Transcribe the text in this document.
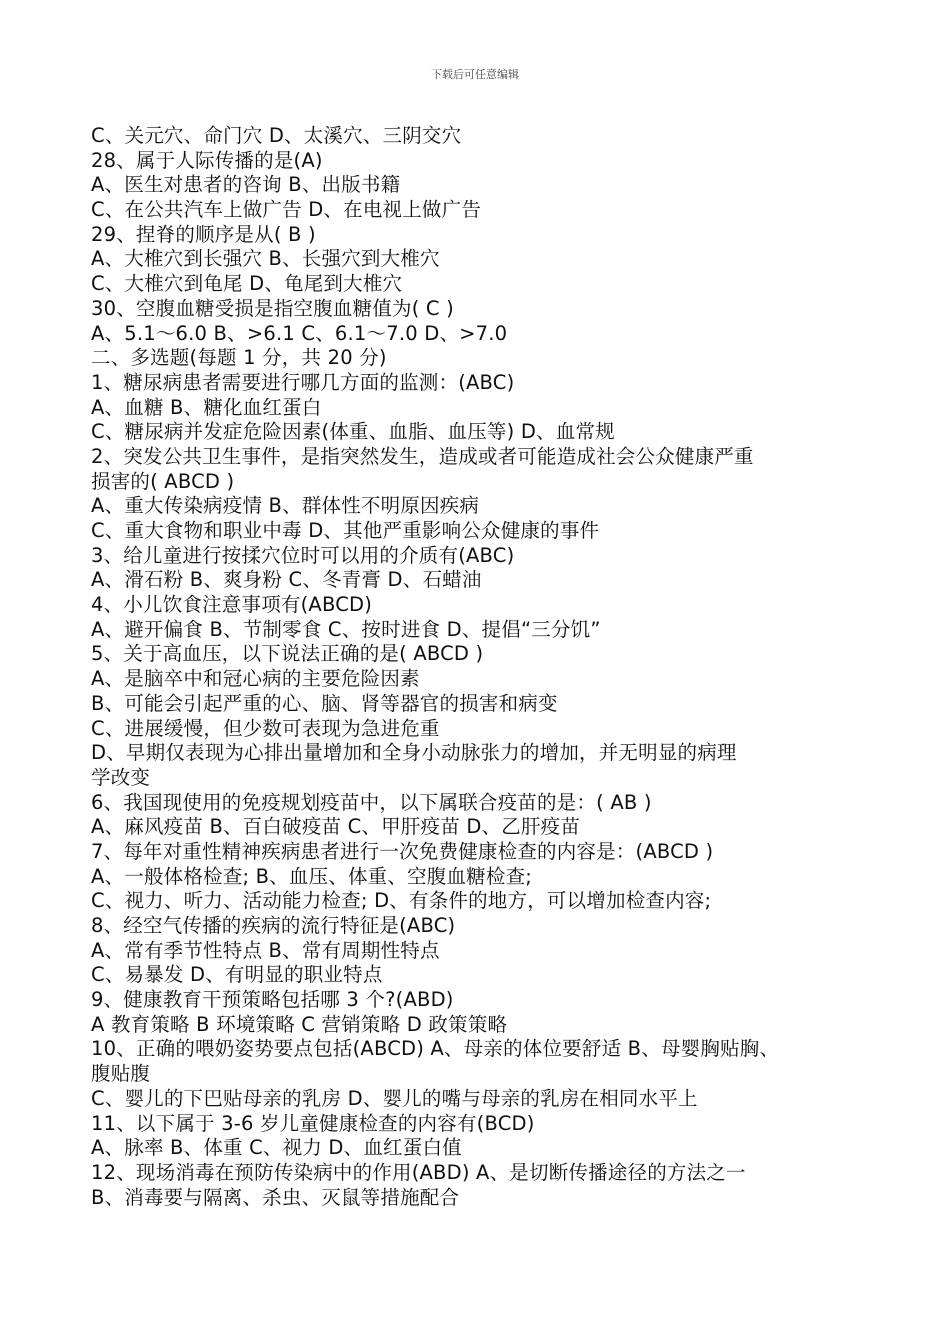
下载后可任意编辑
C、关元穴、命门穴 D、太溪穴、三阴交穴
28、属于人际传播的是(A)
A、医生对患者的咨询 B、出版书籍
C、在公共汽车上做广告 D、在电视上做广告
29、捏脊的顺序是从( B )
A、大椎穴到长强穴 B、长强穴到大椎穴
C、大椎穴到龟尾 D、龟尾到大椎穴
30、空腹血糖受损是指空腹血糖值为( C )
A、5.1～6.0 B、>6.1 C、6.1～7.0 D、>7.0
二、多选题(每题 1 分，共 20 分)
1、糖尿病患者需要进行哪几方面的监测：(ABC)
A、血糖 B、糖化血红蛋白
C、糖尿病并发症危险因素(体重、血脂、血压等) D、血常规
2、突发公共卫生事件，是指突然发生，造成或者可能造成社会公众健康严重
损害的( ABCD )
A、重大传染病疫情 B、群体性不明原因疾病
C、重大食物和职业中毒 D、其他严重影响公众健康的事件
3、给儿童进行按揉穴位时可以用的介质有(ABC)
A、滑石粉 B、爽身粉 C、冬青膏 D、石蜡油
4、小儿饮食注意事项有(ABCD)
A、避开偏食 B、节制零食 C、按时进食 D、提倡“三分饥”
5、关于高血压，以下说法正确的是( ABCD )
A、是脑卒中和冠心病的主要危险因素
B、可能会引起严重的心、脑、肾等器官的损害和病变
C、进展缓慢，但少数可表现为急进危重
D、早期仅表现为心排出量增加和全身小动脉张力的增加，并无明显的病理
学改变
6、我国现使用的免疫规划疫苗中，以下属联合疫苗的是：( AB )
A、麻风疫苗 B、百白破疫苗 C、甲肝疫苗 D、乙肝疫苗
7、每年对重性精神疾病患者进行一次免费健康检查的内容是：(ABCD )
A、一般体格检查; B、血压、体重、空腹血糖检查;
C、视力、听力、活动能力检查; D、有条件的地方，可以增加检查内容;
8、经空气传播的疾病的流行特征是(ABC)
A、常有季节性特点 B、常有周期性特点
C、易暴发 D、有明显的职业特点
9、健康教育干预策略包括哪 3 个?(ABD)
A 教育策略 B 环境策略 C 营销策略 D 政策策略
10、正确的喂奶姿势要点包括(ABCD) A、母亲的体位要舒适 B、母婴胸贴胸、
腹贴腹
C、婴儿的下巴贴母亲的乳房 D、婴儿的嘴与母亲的乳房在相同水平上
11、以下属于 3-6 岁儿童健康检查的内容有(BCD)
A、脉率 B、体重 C、视力 D、血红蛋白值
12、现场消毒在预防传染病中的作用(ABD) A、是切断传播途径的方法之一
B、消毒要与隔离、杀虫、灭鼠等措施配合
